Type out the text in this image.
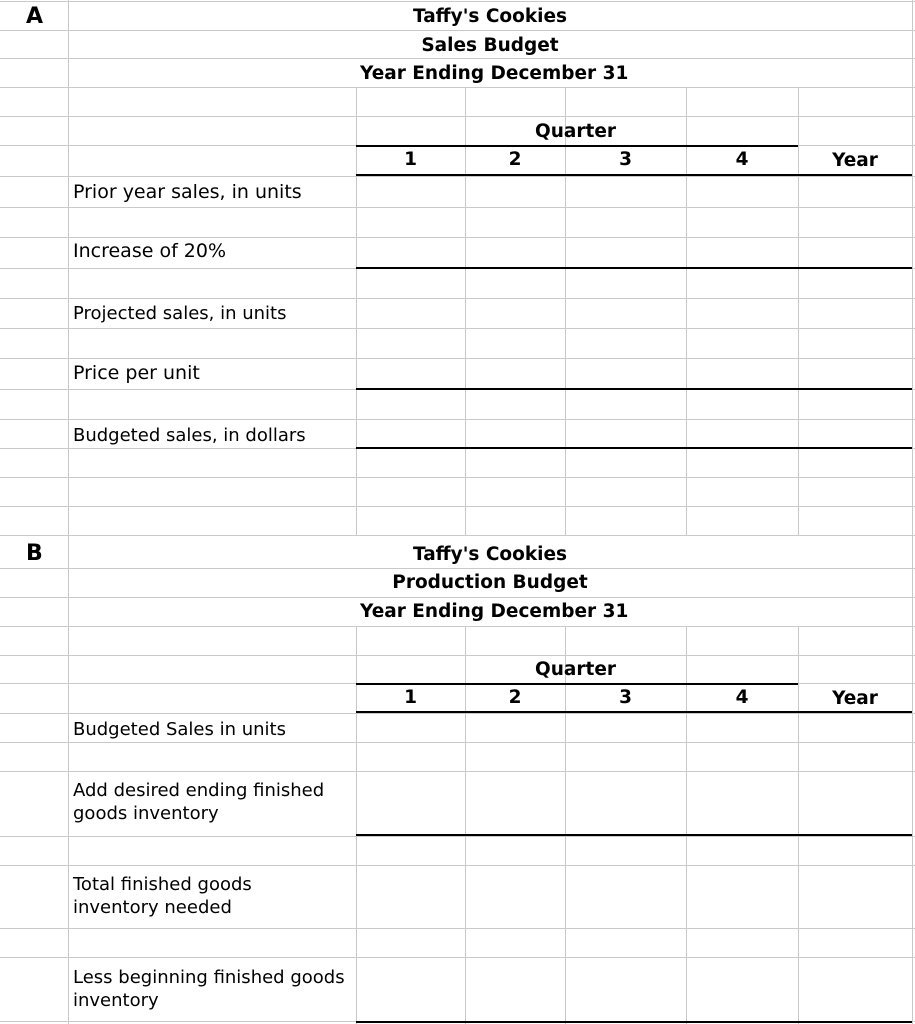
A	Taffy's Cookies
Sales Budget
Year Ending December 31
Quarter
1	2	3	4	Year
Prior year sales, in units
Increase of 20%
Projected sales, in units
Price per unit
Budgeted sales, in dollars
B	Taffy's Cookies
Production Budget
Year Ending December 31
Quarter
1	2	3	4	Year
Budgeted Sales in units
Add desired ending finished goods inventory
Total finished goods inventory needed
Less beginning finished goods inventory
